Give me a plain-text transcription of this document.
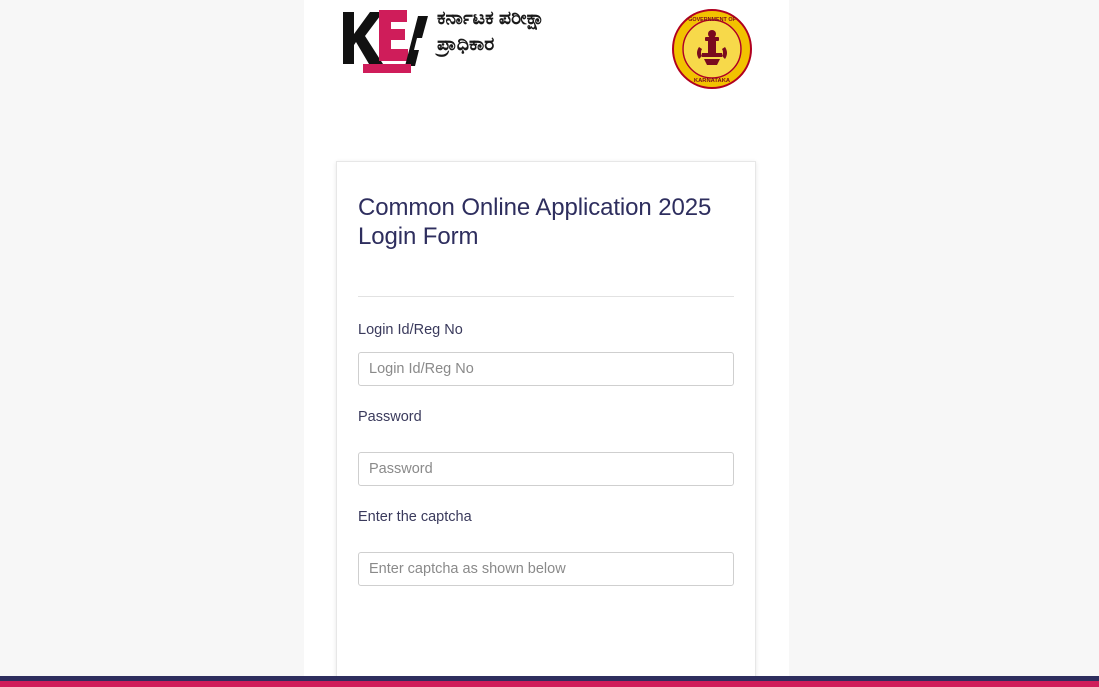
ಕರ್ನಾಟಕ ಪರೀಕ್ಷಾ
ಪ್ರಾಧಿಕಾರ
GOVERNMENT OF
KARNATAKA
Common Online Application 2025 Login Form
Login Id/Reg No
Login Id/Reg No
Password
Enter the captcha
Enter captcha as shown below
